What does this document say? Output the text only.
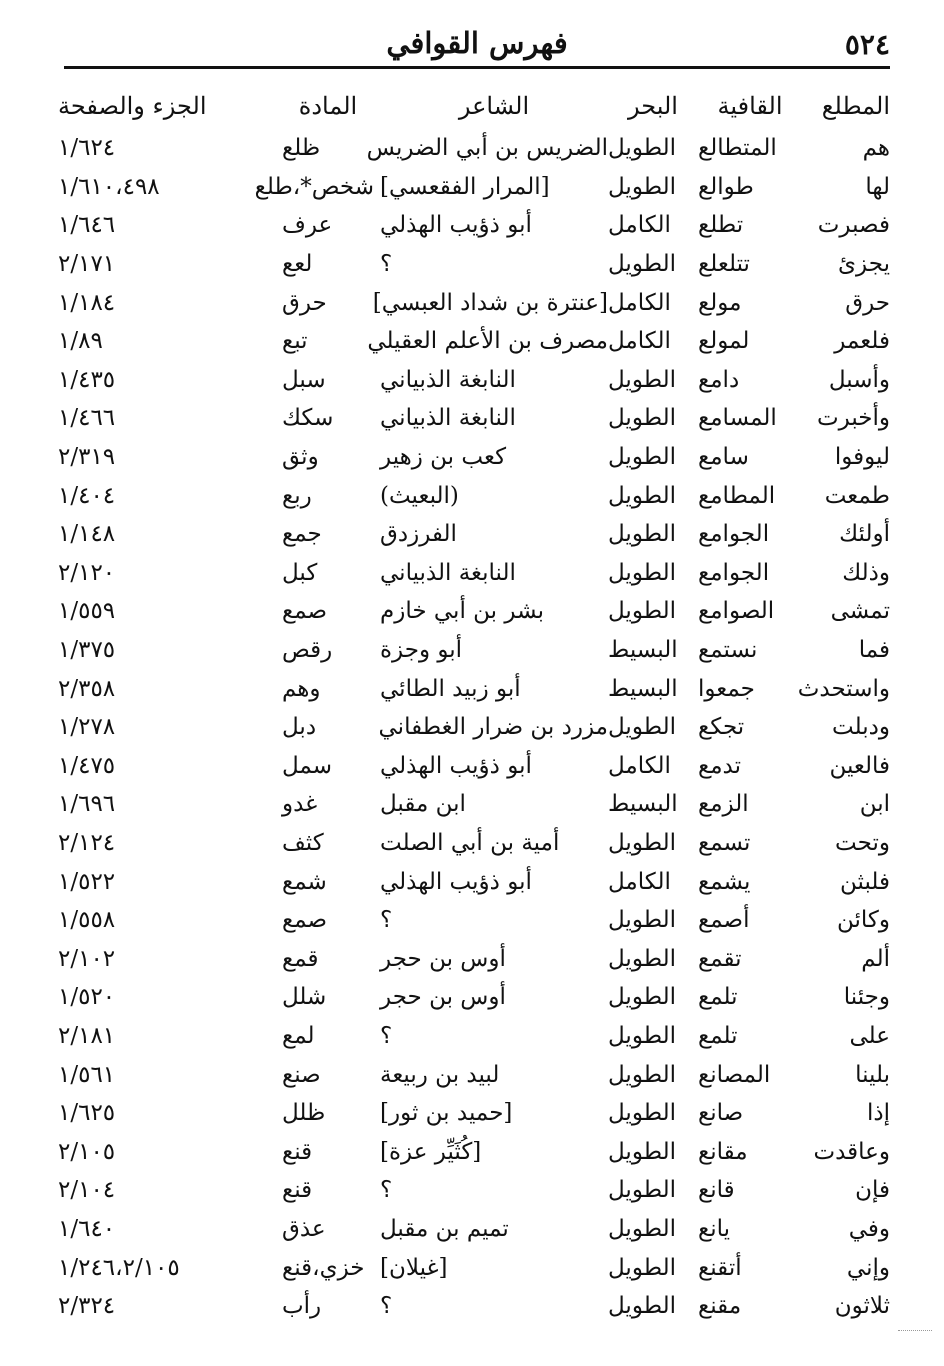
٥٢٤
فهرس القوافي
المطلع	القافية	البحر	الشاعر	المادة	الجزء والصفحة
هم	المتطالع	الطويل	الضريس بن أبي الضريس	ظلع	١/٦٢٤
لها	طوالع	الطويل	[المرار الفقعسي]	شخص*،طلع	١/٦١٠،٤٩٨
فصبرت	تطلع	الكامل	أبو ذؤيب الهذلي	عرف	١/٦٤٦
يجزئ	تتلعلع	الطويل	؟	لعع	٢/١٧١
حرق	مولع	الكامل	[عنترة بن شداد العبسي]	حرق	١/١٨٤
فلعمر	لمولع	الكامل	مصرف بن الأعلم العقيلي	تبع	١/٨٩
وأسبل	دامع	الطويل	النابغة الذبياني	سبل	١/٤٣٥
وأخبرت	المسامع	الطويل	النابغة الذبياني	سكك	١/٤٦٦
ليوفوا	سامع	الطويل	كعب بن زهير	وثق	٢/٣١٩
طمعت	المطامع	الطويل	(البعيث)	ربع	١/٤٠٤
أولئك	الجوامع	الطويل	الفرزدق	جمع	١/١٤٨
وذلك	الجوامع	الطويل	النابغة الذبياني	كبل	٢/١٢٠
تمشى	الصوامع	الطويل	بشر بن أبي خازم	صمع	١/٥٥٩
فما	نستمع	البسيط	أبو وجزة	رقص	١/٣٧٥
واستحدث	جمعوا	البسيط	أبو زبيد الطائي	وهم	٢/٣٥٨
ودبلت	تجكع	الطويل	مزرد بن ضرار الغطفاني	دبل	١/٢٧٨
فالعين	تدمع	الكامل	أبو ذؤيب الهذلي	سمل	١/٤٧٥
ابن	الزمع	البسيط	ابن مقبل	غدو	١/٦٩٦
وتحت	تسمع	الطويل	أمية بن أبي الصلت	كثف	٢/١٢٤
فلبثن	يشمع	الكامل	أبو ذؤيب الهذلي	شمع	١/٥٢٢
وكائن	أصمع	الطويل	؟	صمع	١/٥٥٨
ألم	تقمع	الطويل	أوس بن حجر	قمع	٢/١٠٢
وجئنا	تلمع	الطويل	أوس بن حجر	شلل	١/٥٢٠
على	تلمع	الطويل	؟	لمع	٢/١٨١
بلينا	المصانع	الطويل	لبيد بن ربيعة	صنع	١/٥٦١
إذا	صانع	الطويل	[حميد بن ثور]	ظلل	١/٦٢٥
وعاقدت	مقانع	الطويل	[كُثَيِّر عزة]	قنع	٢/١٠٥
فإن	قانع	الطويل	؟	قنع	٢/١٠٤
وفي	يانع	الطويل	تميم بن مقبل	عذق	١/٦٤٠
وإني	أتقنع	الطويل	[غيلان]	خزي،قنع	١/٢٤٦،٢/١٠٥
ثلاثون	مقنع	الطويل	؟	رأب	٢/٣٢٤
